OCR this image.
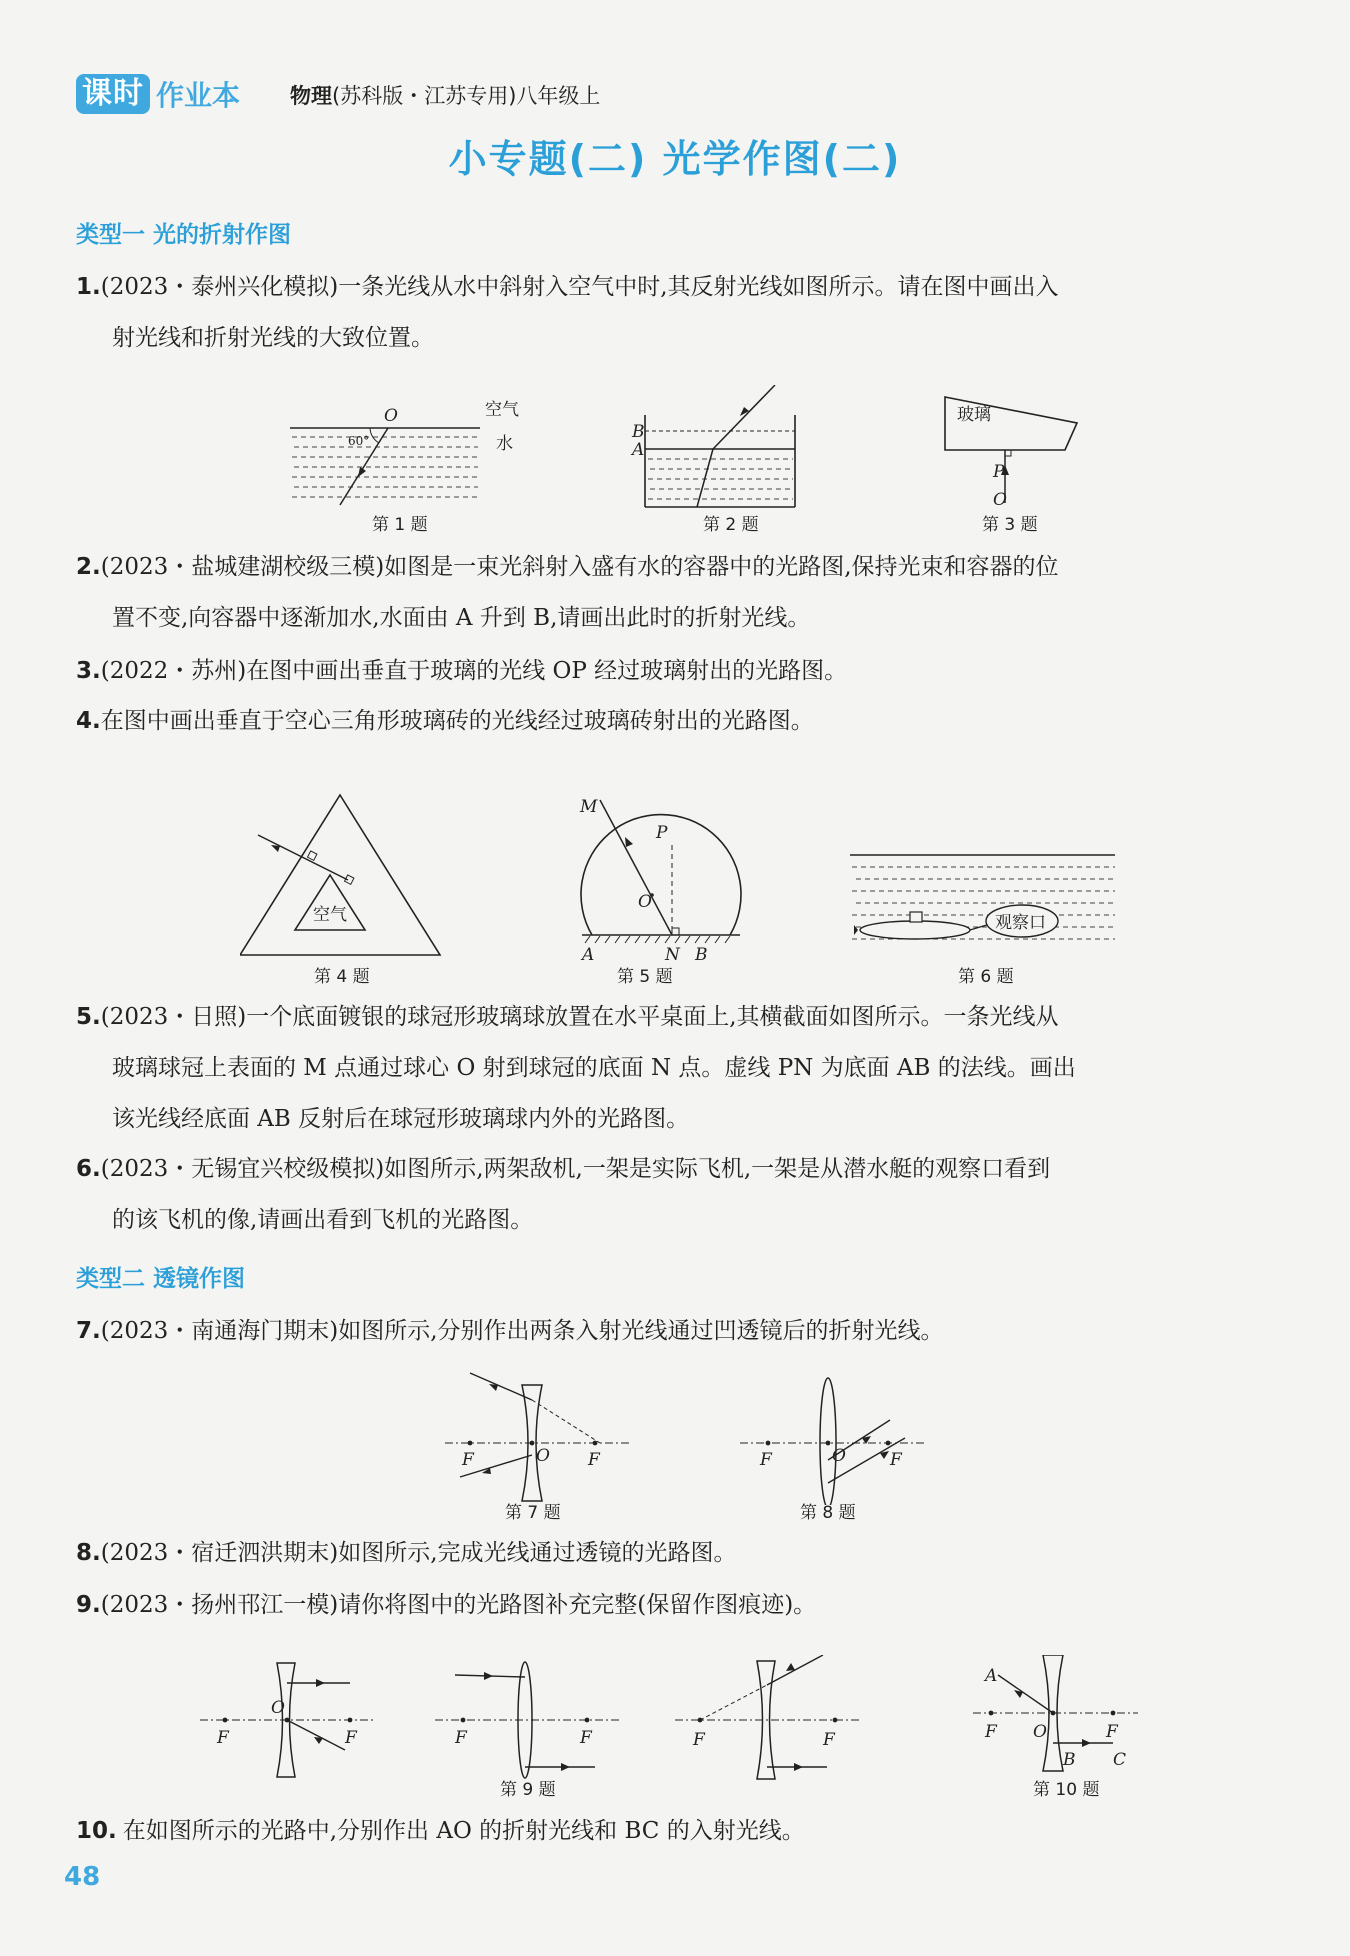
课时 作业本 物理(苏科版・江苏专用)八年级上
小专题(二) 光学作图(二)
类型一 光的折射作图
1.(2023・泰州兴化模拟)一条光线从水中斜射入空气中时,其反射光线如图所示。请在图中画出入
射光线和折射光线的大致位置。
O
60°
空气
水
B
A
玻璃
P
O
第 1 题	第 2 题	第 3 题
2.(2023・盐城建湖校级三模)如图是一束光斜射入盛有水的容器中的光路图,保持光束和容器的位
置不变,向容器中逐渐加水,水面由 A 升到 B,请画出此时的折射光线。
3.(2022・苏州)在图中画出垂直于玻璃的光线 OP 经过玻璃射出的光路图。
4.在图中画出垂直于空心三角形玻璃砖的光线经过玻璃砖射出的光路图。
空气
M
P
O
A	N B
观察口
第 4 题	第 5 题	第 6 题
5.(2023・日照)一个底面镀银的球冠形玻璃球放置在水平桌面上,其横截面如图所示。一条光线从
玻璃球冠上表面的 M 点通过球心 O 射到球冠的底面 N 点。虚线 PN 为底面 AB 的法线。画出
该光线经底面 AB 反射后在球冠形玻璃球内外的光路图。
6.(2023・无锡宜兴校级模拟)如图所示,两架敌机,一架是实际飞机,一架是从潜水艇的观察口看到
的该飞机的像,请画出看到飞机的光路图。
类型二 透镜作图
7.(2023・南通海门期末)如图所示,分别作出两条入射光线通过凹透镜后的折射光线。
F	O F	F	O	F
第 7 题	第 8 题
8.(2023・宿迁泗洪期末)如图所示,完成光线通过透镜的光路图。
9.(2023・扬州邗江一模)请你将图中的光路图补充完整(保留作图痕迹)。
F
O
F	F	F	F	F
A
F O	F
B C
第 9 题	第 10 题
10. 在如图所示的光路中,分别作出 AO 的折射光线和 BC 的入射光线。
48
